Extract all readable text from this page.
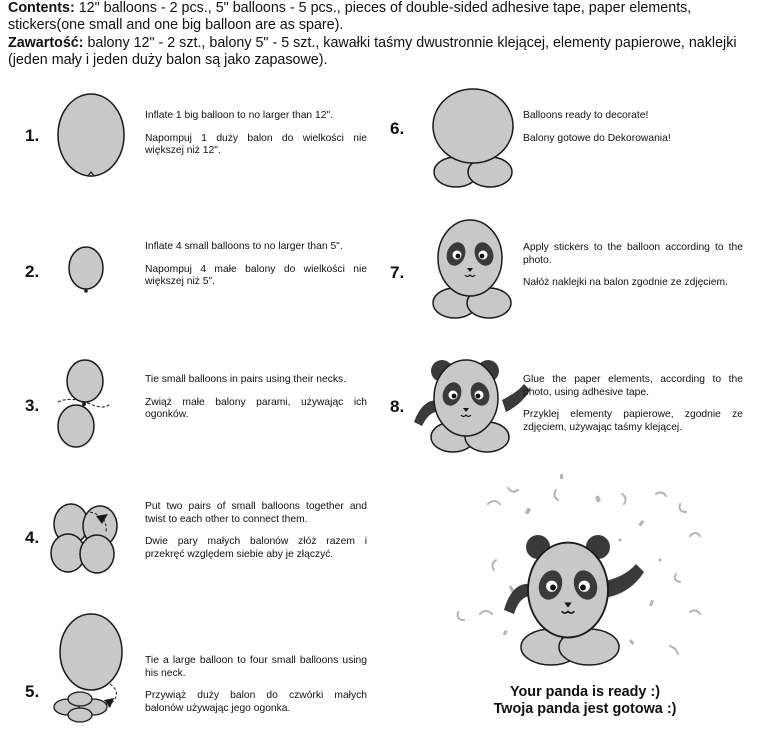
Contents: 12" balloons - 2 pcs., 5" balloons - 5 pcs., pieces of double-sided adhesive tape, paper elements, stickers(one small and one big balloon are as spare).
Zawartość: balony 12" - 2 szt., balony 5" - 5 szt., kawałki taśmy dwustronnie klejącej, elementy papierowe, naklejki (jeden mały i jeden duży balon są jako zapasowe).
1.
2.
3.
4.
5.
6.
7.
8.

Inflate 1 big balloon to no larger than 12".

Napompuj 1 duży balon do wielkości nie większej niż 12".

Inflate 4 small balloons to no larger than 5".

Napompuj 4 małe balony do wielkości nie większej niż 5".

Tie small balloons in pairs using their necks.

Zwiąż małe balony parami, używając ich ogonków.

Put two pairs of small balloons together and twist to each other to connect them.

Dwie pary małych balonów złóż razem i przekręć względem siebie aby je złączyć.

Tie a large balloon to four small balloons using his neck.

Przywiąż duży balon do czwórki małych balonów używając jego ogonka.

Balloons ready to decorate!

Balony gotowe do Dekorowania!

Apply stickers to the balloon according to the photo.

Nałóż naklejki na balon zgodnie ze zdjęciem.

Glue the paper elements, according to the photo, using adhesive tape.

Przyklej elementy papierowe, zgodnie ze zdjęciem, używając taśmy klejącej.

Your panda is ready :)
Twoja panda jest gotowa :)
